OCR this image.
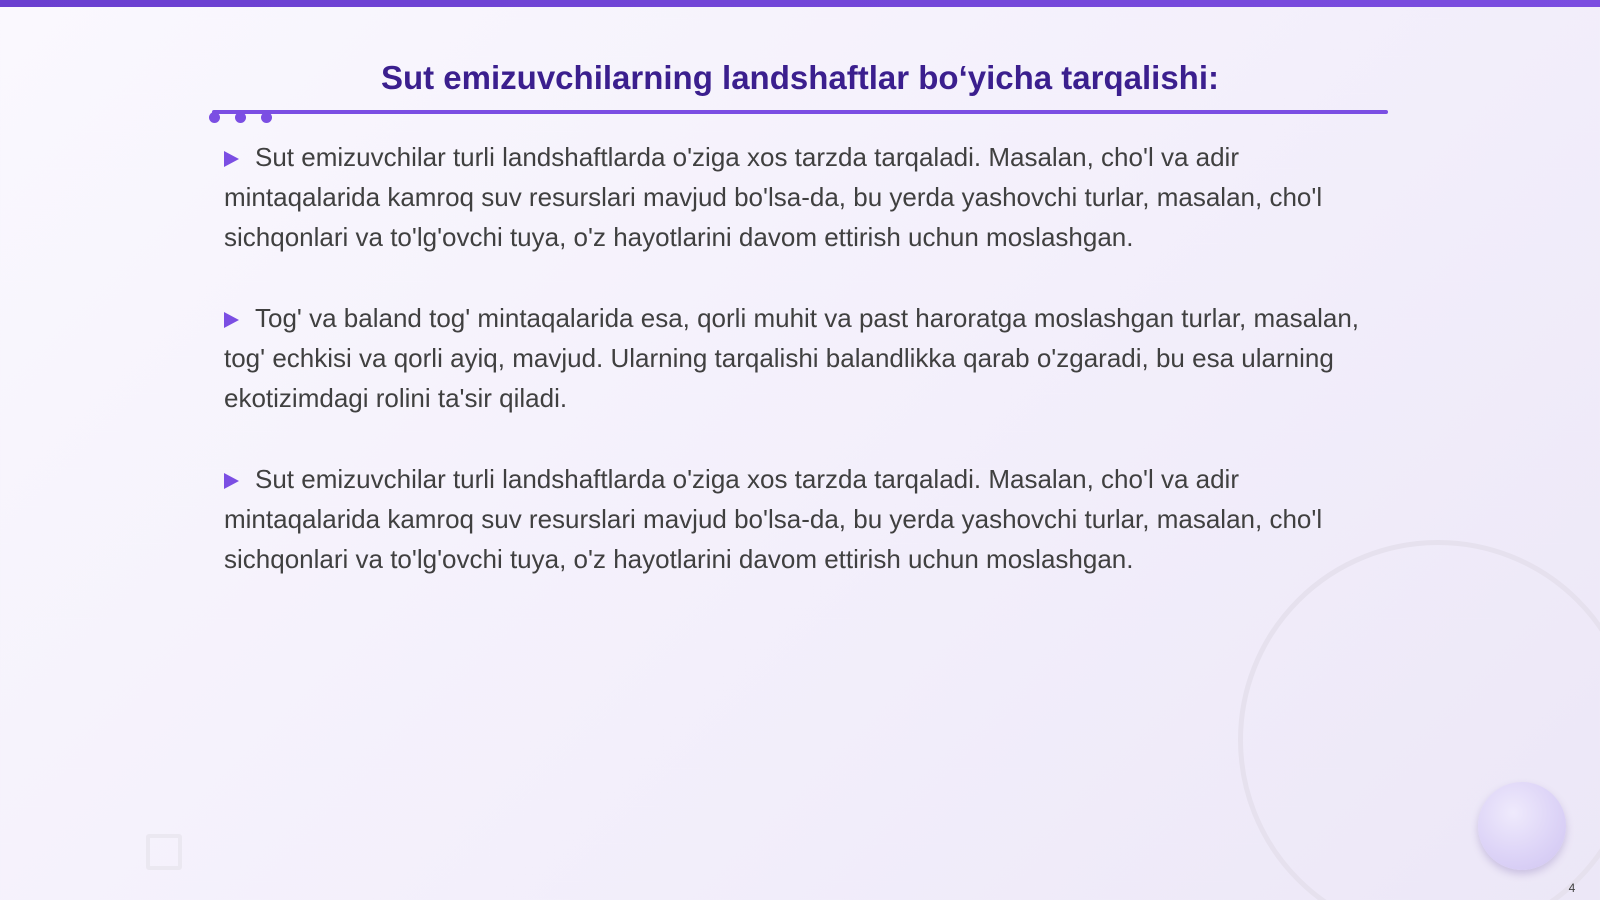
Sut emizuvchilarning landshaftlar bo‘yicha tarqalishi:

Sut emizuvchilar turli landshaftlarda o'ziga xos tarzda tarqaladi. Masalan, cho'l va adir mintaqalarida kamroq suv resurslari mavjud bo'lsa-da, bu yerda yashovchi turlar, masalan, cho'l sichqonlari va to'lg'ovchi tuya, o'z hayotlarini davom ettirish uchun moslashgan.

Tog' va baland tog' mintaqalarida esa, qorli muhit va past haroratga moslashgan turlar, masalan, tog' echkisi va qorli ayiq, mavjud. Ularning tarqalishi balandlikka qarab o'zgaradi, bu esa ularning ekotizimdagi rolini ta'sir qiladi.

Sut emizuvchilar turli landshaftlarda o'ziga xos tarzda tarqaladi. Masalan, cho'l va adir mintaqalarida kamroq suv resurslari mavjud bo'lsa-da, bu yerda yashovchi turlar, masalan, cho'l sichqonlari va to'lg'ovchi tuya, o'z hayotlarini davom ettirish uchun moslashgan.

4
